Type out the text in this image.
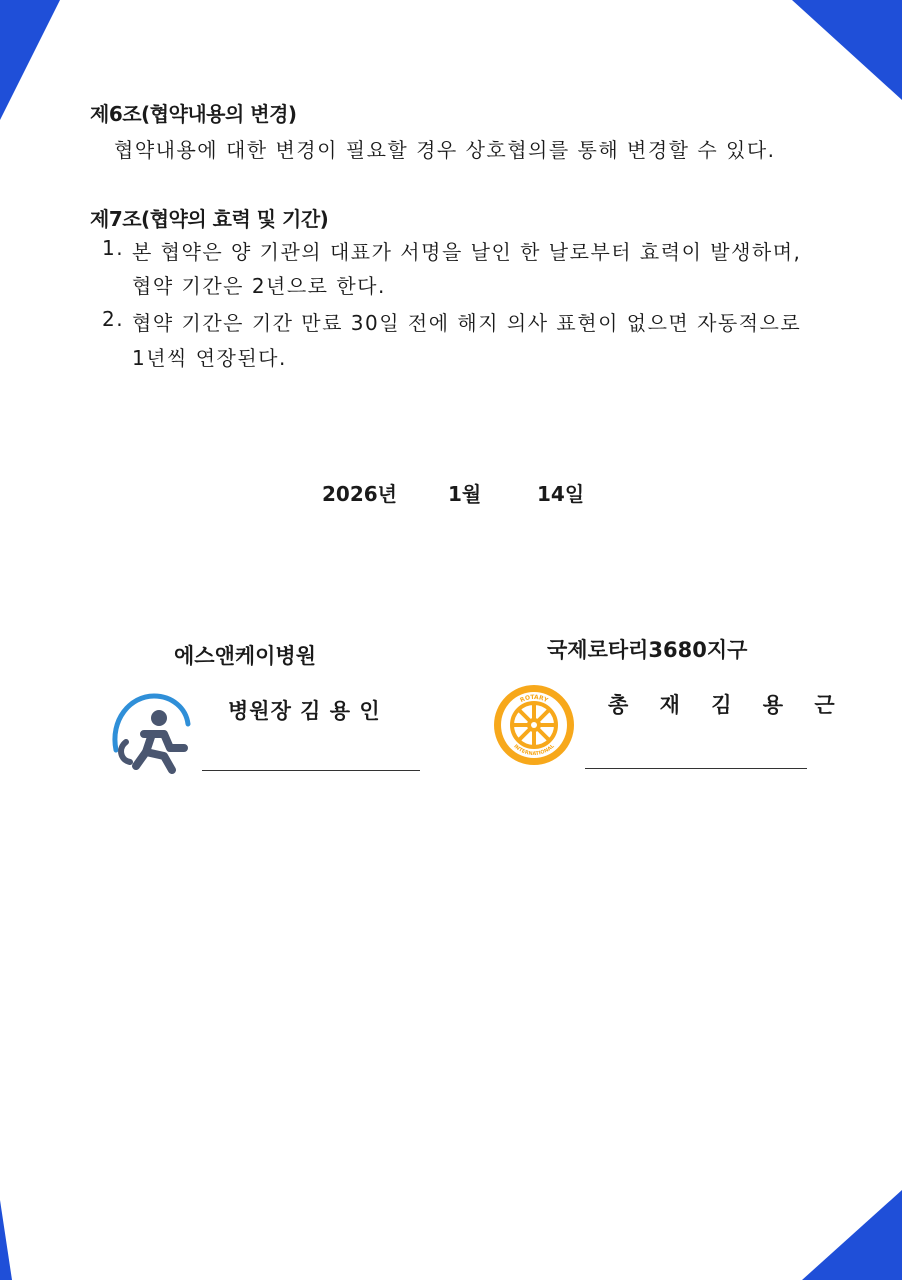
제6조(협약내용의 변경)
협약내용에 대한 변경이 필요할 경우 상호협의를 통해 변경할 수 있다.
제7조(협약의 효력 및 기간)
1. 본 협약은 양 기관의 대표가 서명을 날인 한 날로부터 효력이 발생하며,
협약 기간은 2년으로 한다.
2. 협약 기간은 기간 만료 30일 전에 해지 의사 표현이 없으면 자동적으로
1년씩 연장된다.
2026년	1월	14일
에스앤케이병원
병원장 김 용 인
국제로타리3680지구
ROTARY
INTERNATIONAL
총 재 김 용 근
